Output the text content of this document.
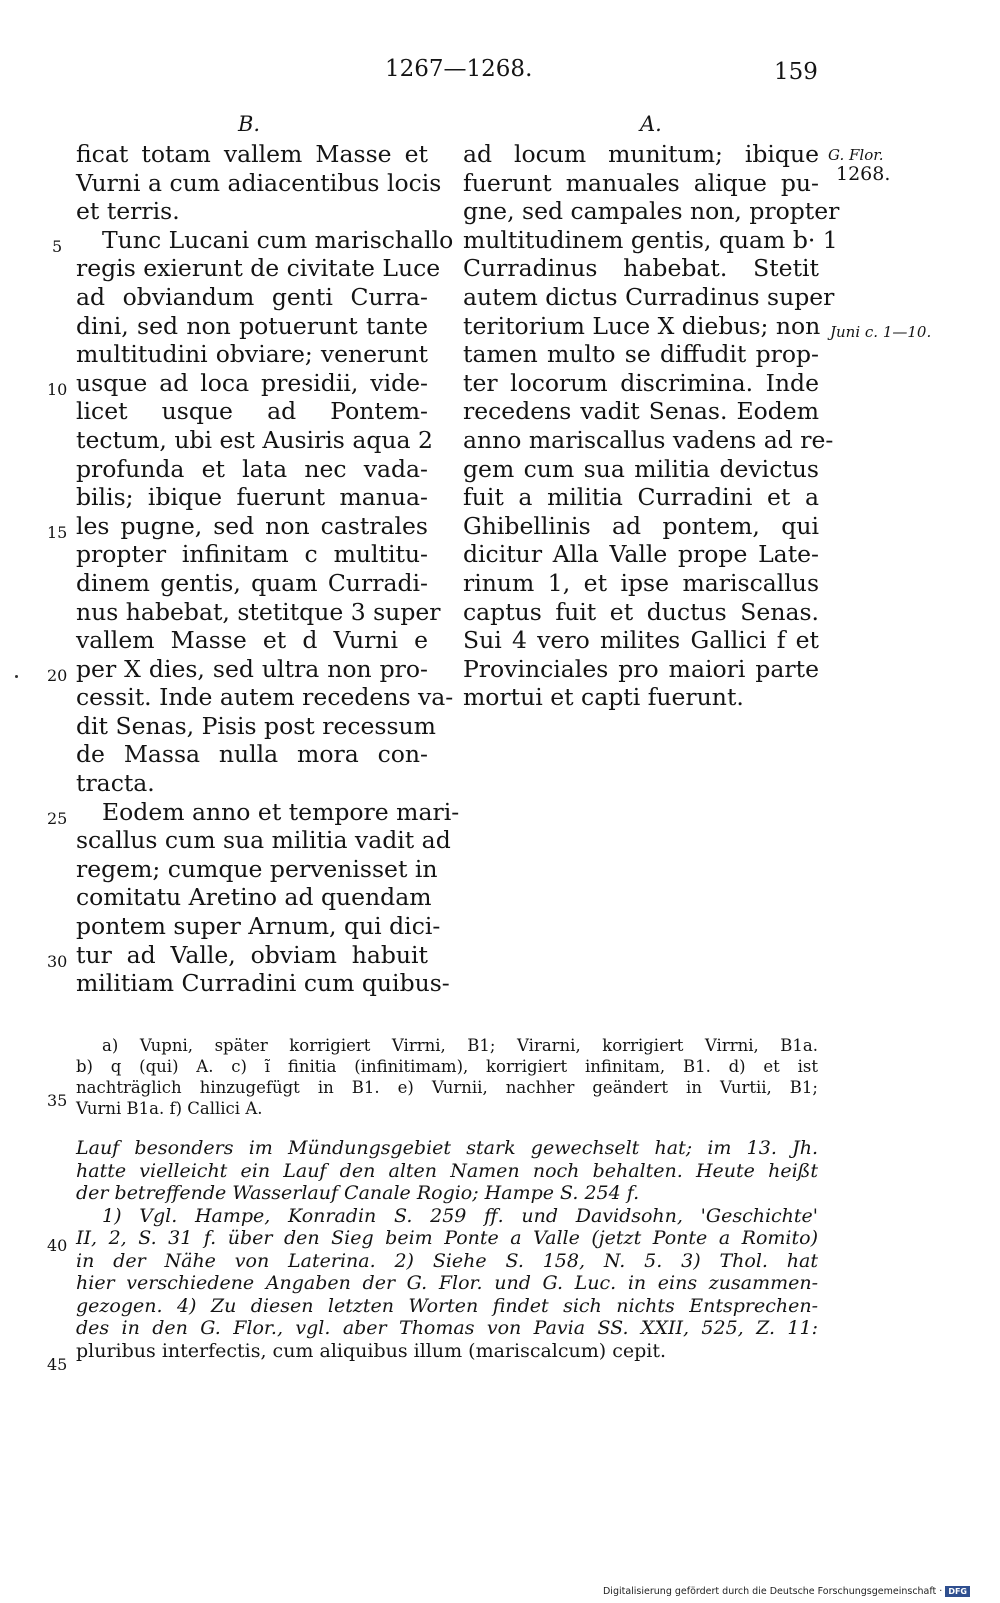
1267—1268.	159
B.	A.
ficat totam vallem Masse et
Vurni a cum adiacentibus locis
et terris.
Tunc Lucani cum marischallo
regis exierunt de civitate Luce
ad obviandum genti Curra-
dini, sed non potuerunt tante
multitudini obviare; venerunt
usque ad loca presidii, vide-
licet usque ad Pontem-
tectum, ubi est Ausiris aqua 2
profunda et lata nec vada-
bilis; ibique fuerunt manua-
les pugne, sed non castrales
propter infinitam c multitu-
dinem gentis, quam Curradi-
nus habebat, stetitque 3 super
vallem Masse et d Vurni e
per X dies, sed ultra non pro-
cessit. Inde autem recedens va-
dit Senas, Pisis post recessum
de Massa nulla mora con-
tracta.
Eodem anno et tempore mari-
scallus cum sua militia vadit ad
regem; cumque pervenisset in
comitatu Aretino ad quendam
pontem super Arnum, qui dici-
tur ad Valle, obviam habuit
militiam Curradini cum quibus-
ad locum munitum; ibique
fuerunt manuales alique pu-
gne, sed campales non, propter
multitudinem gentis, quam b· 1
Curradinus habebat. Stetit
autem dictus Curradinus super
teritorium Luce X diebus; non
tamen multo se diffudit prop-
ter locorum discrimina. Inde
recedens vadit Senas. Eodem
anno mariscallus vadens ad re-
gem cum sua militia devictus
fuit a militia Curradini et a
Ghibellinis ad pontem, qui
dicitur Alla Valle prope Late-
rinum 1, et ipse mariscallus
captus fuit et ductus Senas.
Sui 4 vero milites Gallici f et
Provinciales pro maiori parte
mortui et capti fuerunt.
5
10
15
20
25
30
35
40
45
G. Flor.
1268.
Juni c. 1—10.
a) Vupni, später korrigiert Virrni, B1; Virarni, korrigiert Virrni, B1a.
b) q (qui) A. c) ĩ finitia (infinitimam), korrigiert infinitam, B1. d) et ist
nachträglich hinzugefügt in B1. e) Vurnii, nachher geändert in Vurtii, B1;
Vurni B1a. f) Callici A.
Lauf besonders im Mündungsgebiet stark gewechselt hat; im 13. Jh.
hatte vielleicht ein Lauf den alten Namen noch behalten. Heute heißt
der betreffende Wasserlauf Canale Rogio; Hampe S. 254 f.
1) Vgl. Hampe, Konradin S. 259 ff. und Davidsohn, 'Geschichte'
II, 2, S. 31 f. über den Sieg beim Ponte a Valle (jetzt Ponte a Romito)
in der Nähe von Laterina. 2) Siehe S. 158, N. 5. 3) Thol. hat
hier verschiedene Angaben der G. Flor. und G. Luc. in eins zusammen-
gezogen. 4) Zu diesen letzten Worten findet sich nichts Entsprechen-
des in den G. Flor., vgl. aber Thomas von Pavia SS. XXII, 525, Z. 11:
pluribus interfectis, cum aliquibus illum (mariscalcum) cepit.
Digitalisierung gefördert durch die Deutsche Forschungsgemeinschaft · DFG
